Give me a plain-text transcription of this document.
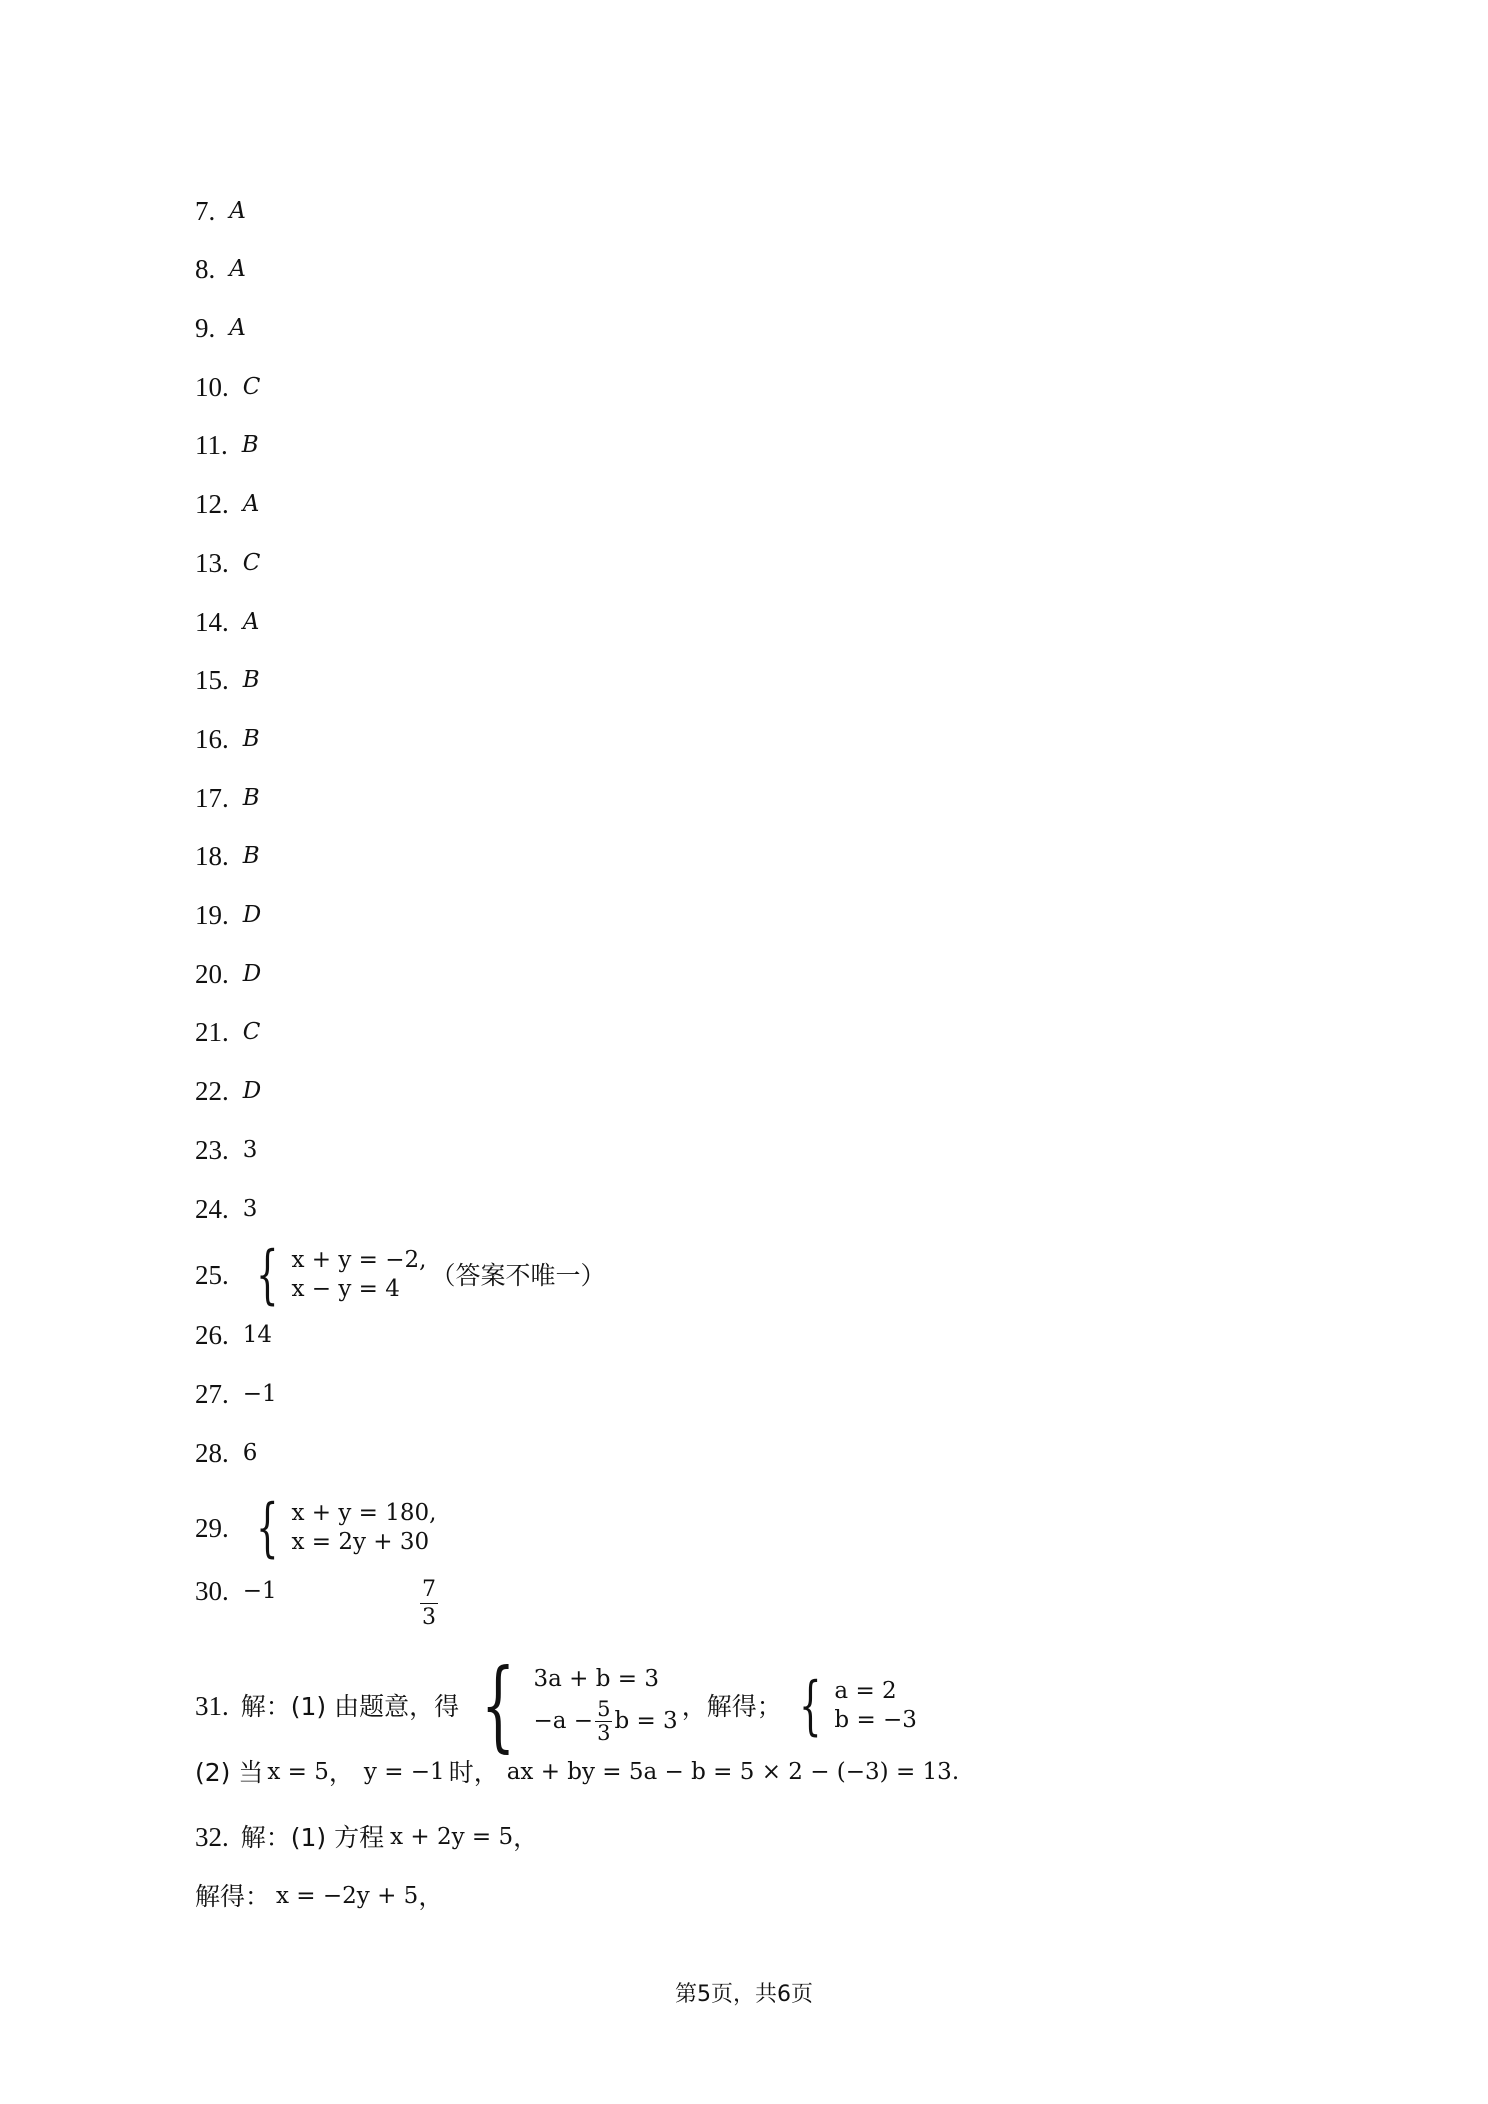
7. A
8. A
9. A
10. C
11. B
12. A
13. C
14. A
15. B
16. B
17. B
18. B
19. D
20. D
21. C
22. D
23. 3
24. 3
25. { x + y = −2,
x − y = 4	（答案不唯一）
26. 14
27. −1
28. 6
29. { x + y = 180,
x = 2y + 30
30. −1	$\frac{7}{3}$
31. 解：(1) 由题意，得 { 3a + b = 3
$-a - \frac{5}{3}$ b = 3
，解得； { a = 2
b = −3
(2) 当 x = 5 ， y = −1 时， ax + by = 5a − b = 5 × 2 − (−3) = 13 .
32. 解：(1) 方程 x + 2y = 5 ，
解得： x = −2y + 5 ，
第5页，共6页
